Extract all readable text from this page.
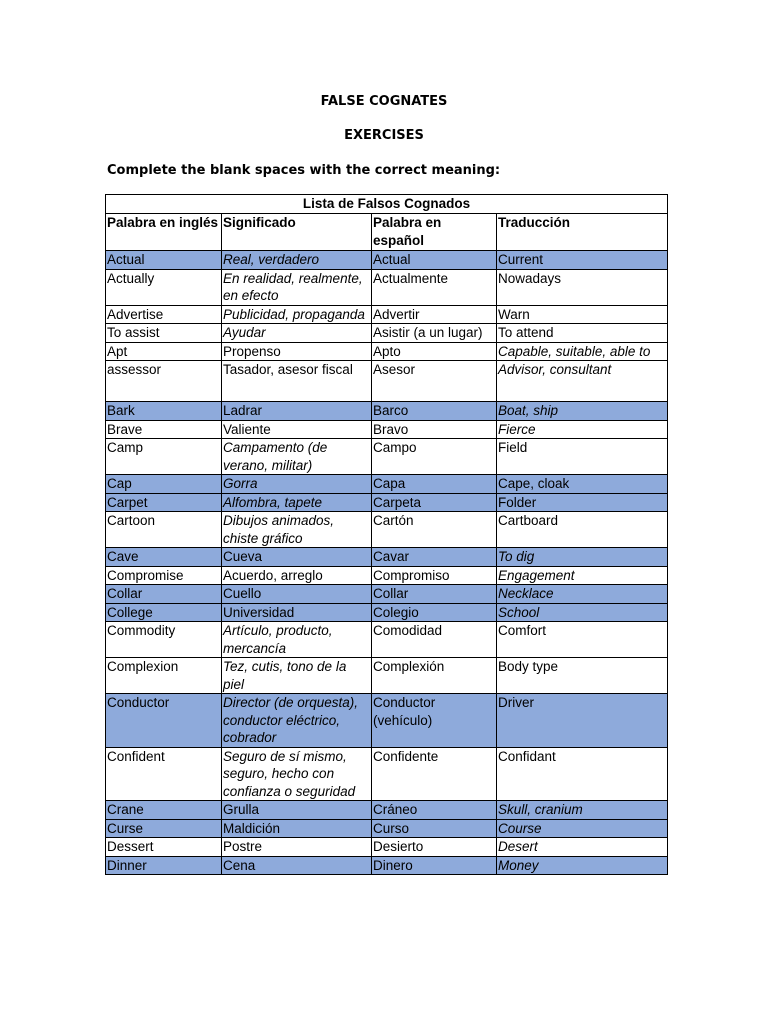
FALSE COGNATES
EXERCISES
Complete the blank spaces with the correct meaning:
Lista de Falsos Cognados			
Palabra en inglés	Significado	Palabra en español	Traducción
Actual	Real, verdadero	Actual	Current
Actually	En realidad, realmente, en efecto	Actualmente	Nowadays
Advertise	Publicidad, propaganda	Advertir	Warn
To assist	Ayudar	Asistir (a un lugar)	To attend
Apt	Propenso	Apto	Capable, suitable, able to
assessor	Tasador, asesor fiscal	Asesor	Advisor, consultant
Bark	Ladrar	Barco	Boat, ship
Brave	Valiente	Bravo	Fierce
Camp	Campamento (de verano, militar)	Campo	Field
Cap	Gorra	Capa	Cape, cloak
Carpet	Alfombra, tapete	Carpeta	Folder
Cartoon	Dibujos animados, chiste gráfico	Cartón	Cartboard
Cave	Cueva	Cavar	To dig
Compromise	Acuerdo, arreglo	Compromiso	Engagement
Collar	Cuello	Collar	Necklace
College	Universidad	Colegio	School
Commodity	Artículo, producto, mercancía	Comodidad	Comfort
Complexion	Tez, cutis, tono de la piel	Complexión	Body type
Conductor	Director (de orquesta), conductor eléctrico, cobrador	Conductor (vehículo)	Driver
Confident	Seguro de sí mismo, seguro, hecho con confianza o seguridad	Confidente	Confidant
Crane	Grulla	Cráneo	Skull, cranium
Curse	Maldición	Curso	Course
Dessert	Postre	Desierto	Desert
Dinner	Cena	Dinero	Money
